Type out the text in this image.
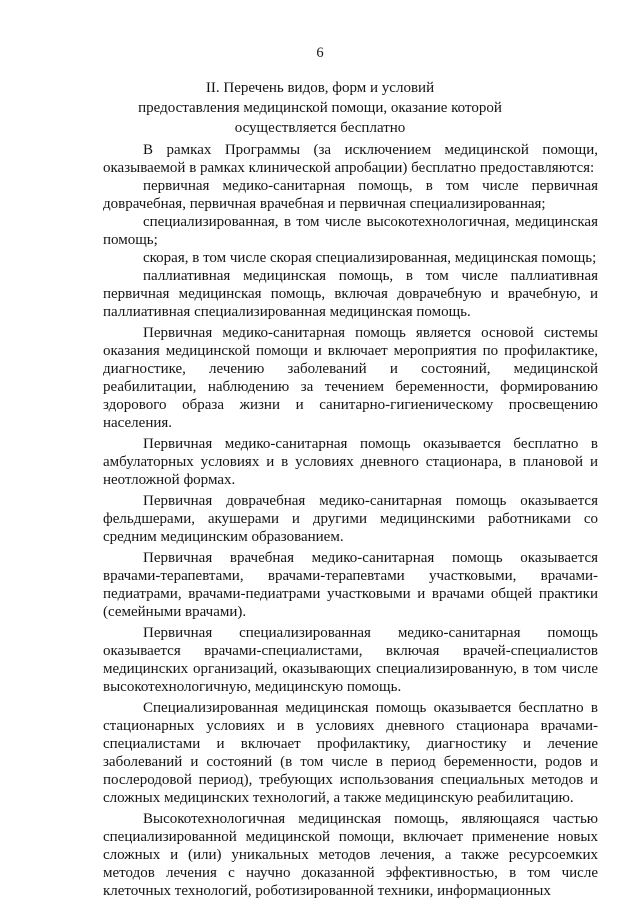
6
II. Перечень видов, форм и условий
предоставления медицинской помощи, оказание которой
осуществляется бесплатно

В рамках Программы (за исключением медицинской помощи, оказываемой в рамках клинической апробации) бесплатно предоставляются:

первичная медико-санитарная помощь, в том числе первичная доврачебная, первичная врачебная и первичная специализированная;

специализированная, в том числе высокотехнологичная, медицинская помощь;

скорая, в том числе скорая специализированная, медицинская помощь;

паллиативная медицинская помощь, в том числе паллиативная первичная медицинская помощь, включая доврачебную и врачебную, и паллиативная специализированная медицинская помощь.

Первичная медико-санитарная помощь является основой системы оказания медицинской помощи и включает мероприятия по профилактике, диагностике, лечению заболеваний и состояний, медицинской реабилитации, наблюдению за течением беременности, формированию здорового образа жизни и санитарно-гигиеническому просвещению населения.

Первичная медико-санитарная помощь оказывается бесплатно в амбулаторных условиях и в условиях дневного стационара, в плановой и неотложной формах.

Первичная доврачебная медико-санитарная помощь оказывается фельдшерами, акушерами и другими медицинскими работниками со средним медицинским образованием.

Первичная врачебная медико-санитарная помощь оказывается врачами-терапевтами, врачами-терапевтами участковыми, врачами-педиатрами, врачами-педиатрами участковыми и врачами общей практики (семейными врачами).

Первичная специализированная медико-санитарная помощь оказывается врачами-специалистами, включая врачей-специалистов медицинских организаций, оказывающих специализированную, в том числе высокотехнологичную, медицинскую помощь.

Специализированная медицинская помощь оказывается бесплатно в стационарных условиях и в условиях дневного стационара врачами-специалистами и включает профилактику, диагностику и лечение заболеваний и состояний (в том числе в период беременности, родов и послеродовой период), требующих использования специальных методов и сложных медицинских технологий, а также медицинскую реабилитацию.

Высокотехнологичная медицинская помощь, являющаяся частью специализированной медицинской помощи, включает применение новых сложных и (или) уникальных методов лечения, а также ресурсоемких методов лечения с научно доказанной эффективностью, в том числе клеточных технологий, роботизированной техники, информационных
